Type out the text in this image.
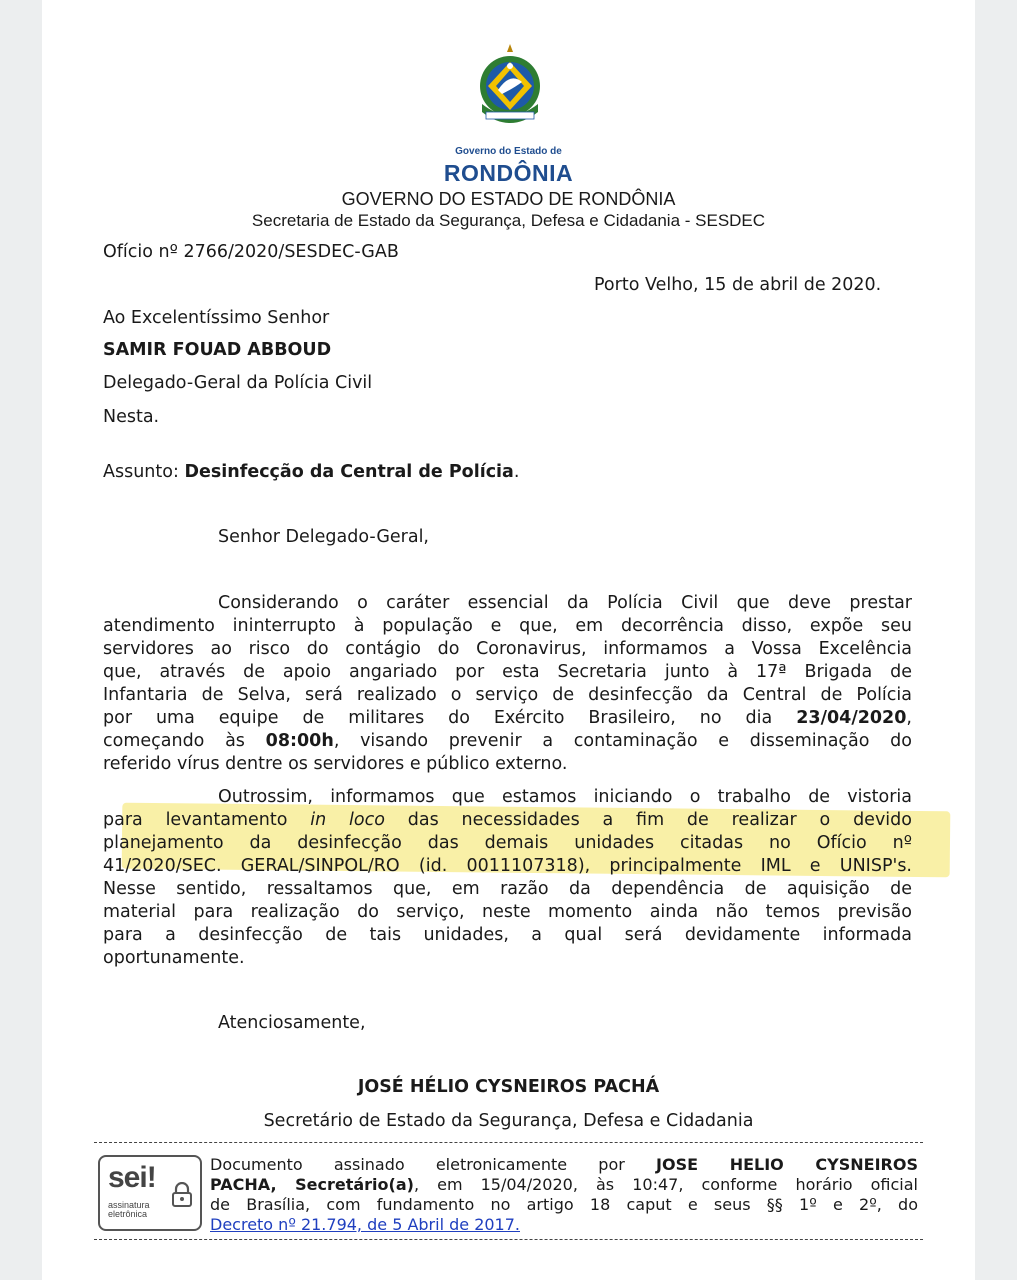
Governo do Estado de
RONDÔNIA
GOVERNO DO ESTADO DE RONDÔNIA
Secretaria de Estado da Segurança, Defesa e Cidadania - SESDEC
Ofício nº 2766/2020/SESDEC-GAB
Porto Velho, 15 de abril de 2020.
Ao Excelentíssimo Senhor
SAMIR FOUAD ABBOUD
Delegado-Geral da Polícia Civil
Nesta.
Assunto: Desinfecção da Central de Polícia.
Senhor Delegado-Geral,
Considerando o caráter essencial da Polícia Civil que deve prestar
atendimento ininterrupto à população e que, em decorrência disso, expõe seu
servidores ao risco do contágio do Coronavirus, informamos a Vossa Excelência
que, através de apoio angariado por esta Secretaria junto à 17ª Brigada de
Infantaria de Selva, será realizado o serviço de desinfecção da Central de Polícia
por uma equipe de militares do Exército Brasileiro, no dia 23/04/2020,
começando às 08:00h, visando prevenir a contaminação e disseminação do
referido vírus dentre os servidores e público externo.
Outrossim, informamos que estamos iniciando o trabalho de vistoria
para levantamento in loco das necessidades a fim de realizar o devido
planejamento da desinfecção das demais unidades citadas no Ofício nº
41/2020/SEC. GERAL/SINPOL/RO (id. 0011107318), principalmente IML e UNISP's.
Nesse sentido, ressaltamos que, em razão da dependência de aquisição de
material para realização do serviço, neste momento ainda não temos previsão
para a desinfecção de tais unidades, a qual será devidamente informada
oportunamente.
Atenciosamente,
JOSÉ HÉLIO CYSNEIROS PACHÁ
Secretário de Estado da Segurança, Defesa e Cidadania
sei!
assinatura
eletrônica
Documento assinado eletronicamente por JOSE HELIO CYSNEIROS
PACHA, Secretário(a), em 15/04/2020, às 10:47, conforme horário oficial
de Brasília, com fundamento no artigo 18 caput e seus §§ 1º e 2º, do
Decreto nº 21.794, de 5 Abril de 2017.
